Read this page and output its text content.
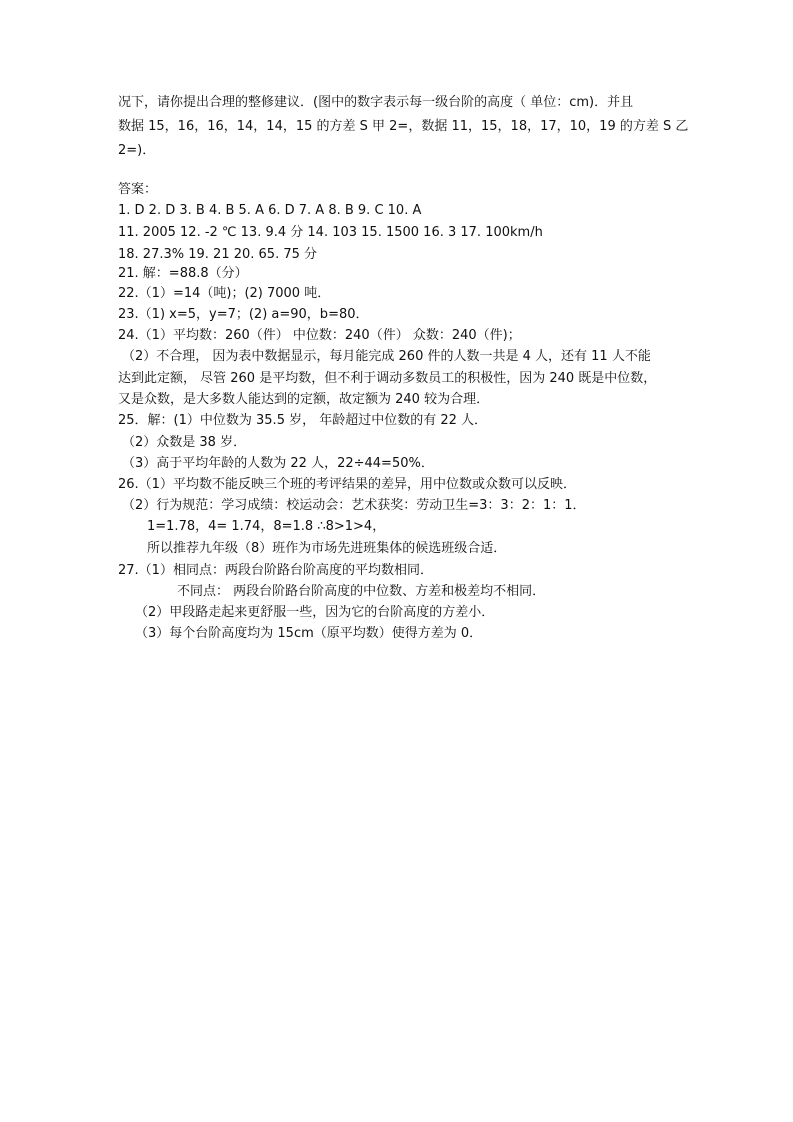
况下，请你提出合理的整修建议．(图中的数字表示每一级台阶的高度（ 单位：cm)．并且
数据 15，16，16，14，14，15 的方差 S 甲 2=，数据 11，15，18，17，10，19 的方差 S 乙
2=)．
答案：
1. D 2. D 3. B 4. B 5. A 6. D 7. A 8. B 9. C 10. A
11. 2005 12. -2 ℃ 13. 9.4 分 14. 103 15. 1500 16. 3 17. 100km/h
18. 27.3% 19. 21 20. 65. 75 分
21. 解：=88.8（分）
22.（1）=14（吨)；(2) 7000 吨．
23.（1) x=5，y=7；(2) a=90，b=80．
24.（1）平均数：260（件） 中位数：240（件） 众数：240（件)；
（2）不合理， 因为表中数据显示，每月能完成 260 件的人数一共是 4 人，还有 11 人不能
达到此定额， 尽管 260 是平均数，但不利于调动多数员工的积极性，因为 240 既是中位数，
又是众数，是大多数人能达到的定额，故定额为 240 较为合理．
25．解：(1）中位数为 35.5 岁， 年龄超过中位数的有 22 人．
（2）众数是 38 岁．
（3）高于平均年龄的人数为 22 人，22÷44=50%．
26.（1）平均数不能反映三个班的考评结果的差异，用中位数或众数可以反映．
（2）行为规范：学习成绩：校运动会：艺术获奖：劳动卫生=3：3：2：1：1．
1=1.78，4= 1.74，8=1.8 ∴8>1>4，
所以推荐九年级（8）班作为市场先进班集体的候选班级合适．
27.（1）相同点：两段台阶路台阶高度的平均数相同．
不同点： 两段台阶路台阶高度的中位数、方差和极差均不相同．
（2）甲段路走起来更舒服一些，因为它的台阶高度的方差小．
（3）每个台阶高度均为 15cm（原平均数）使得方差为 0．
